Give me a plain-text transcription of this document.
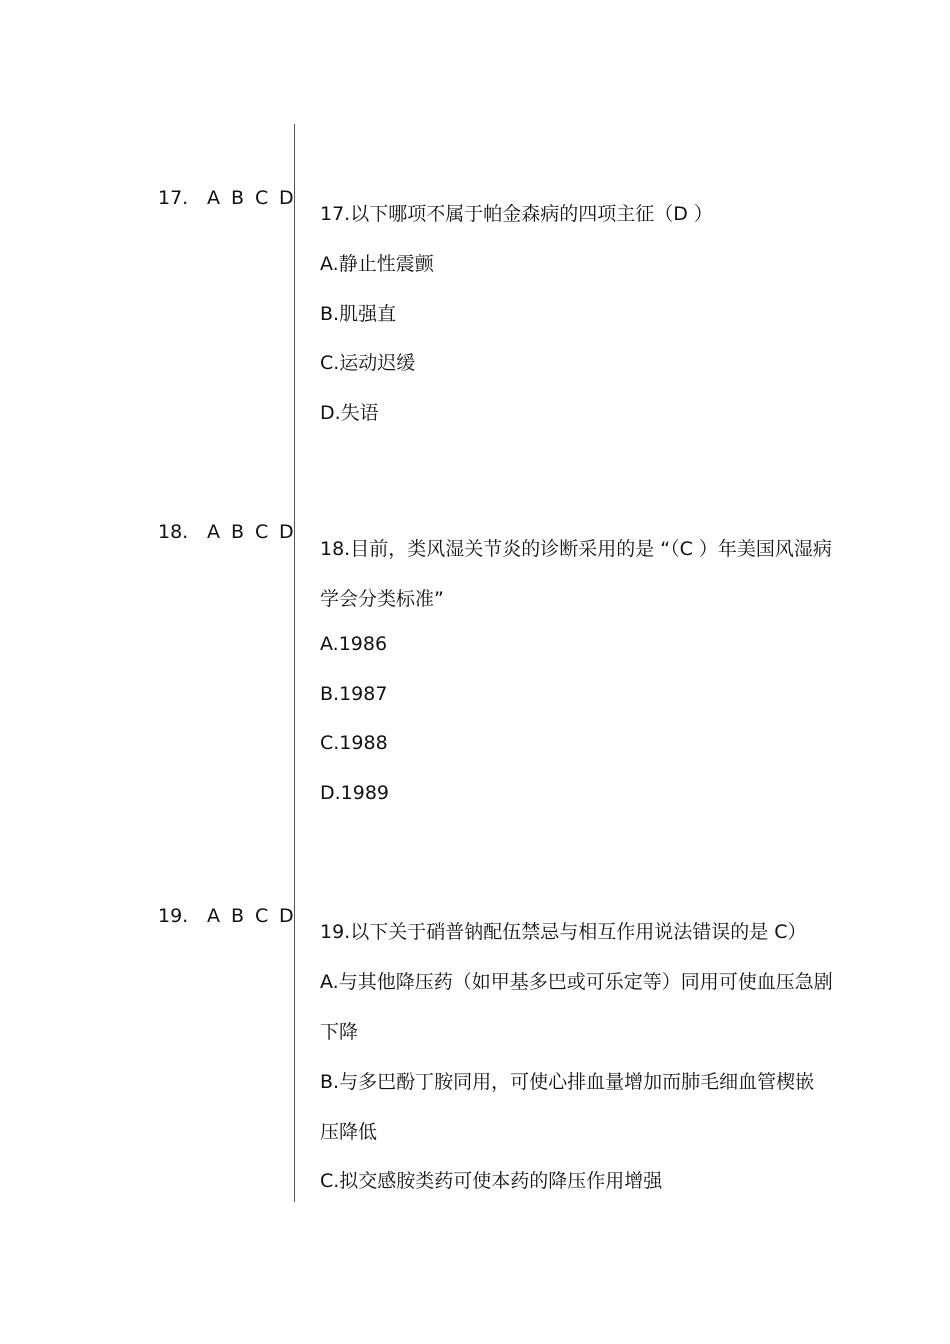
17. A B C D
17.以下哪项不属于帕金森病的四项主征（D ）
A.静止性震颤
B.肌强直
C.运动迟缓
D.失语
18. A B C D
18.目前，类风湿关节炎的诊断采用的是 “（C ）年美国风湿病
学会分类标准”
A.1986
B.1987
C.1988
D.1989
19. A B C D
19.以下关于硝普钠配伍禁忌与相互作用说法错误的是 C）
A.与其他降压药（如甲基多巴或可乐定等）同用可使血压急剧
下降
B.与多巴酚丁胺同用，可使心排血量增加而肺毛细血管楔嵌
压降低
C.拟交感胺类药可使本药的降压作用增强
